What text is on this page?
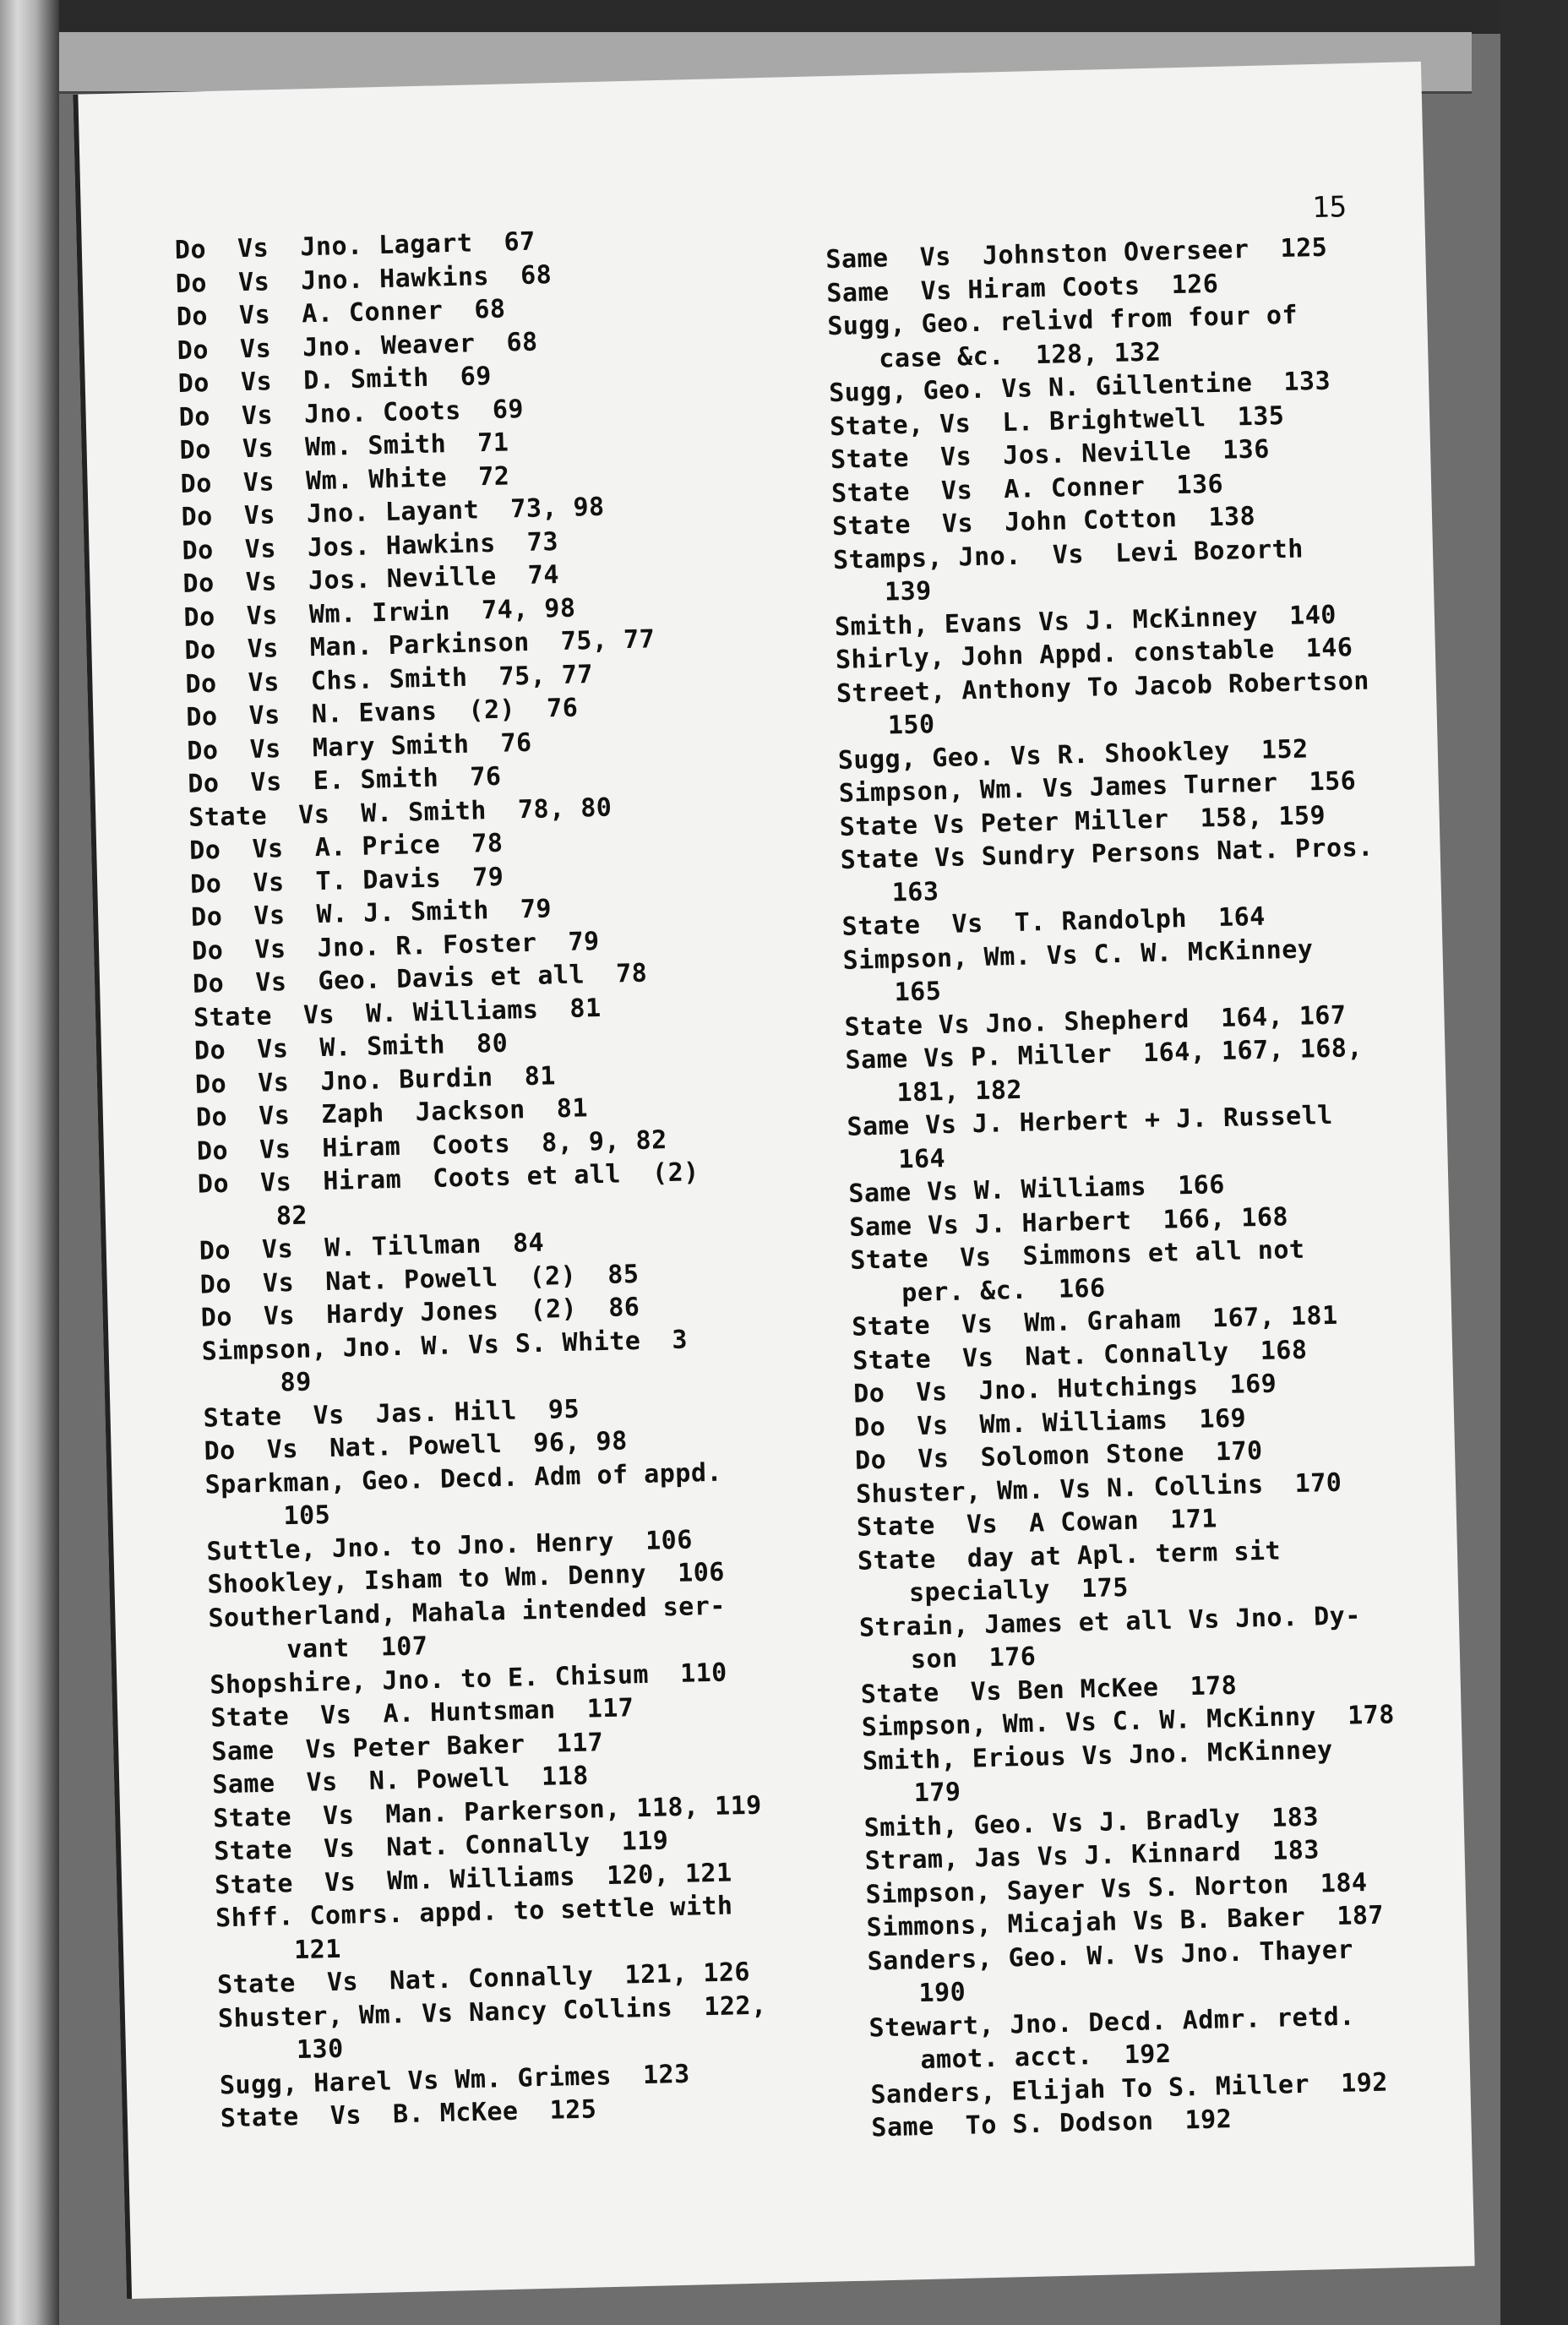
15
Do  Vs  Jno. Lagart  67
Do  Vs  Jno. Hawkins  68
Do  Vs  A. Conner  68
Do  Vs  Jno. Weaver  68
Do  Vs  D. Smith  69
Do  Vs  Jno. Coots  69
Do  Vs  Wm. Smith  71
Do  Vs  Wm. White  72
Do  Vs  Jno. Layant  73, 98
Do  Vs  Jos. Hawkins  73
Do  Vs  Jos. Neville  74
Do  Vs  Wm. Irwin  74, 98
Do  Vs  Man. Parkinson  75, 77
Do  Vs  Chs. Smith  75, 77
Do  Vs  N. Evans  (2)  76
Do  Vs  Mary Smith  76
Do  Vs  E. Smith  76
State  Vs  W. Smith  78, 80
Do  Vs  A. Price  78
Do  Vs  T. Davis  79
Do  Vs  W. J. Smith  79
Do  Vs  Jno. R. Foster  79
Do  Vs  Geo. Davis et all  78
State  Vs  W. Williams  81
Do  Vs  W. Smith  80
Do  Vs  Jno. Burdin  81
Do  Vs  Zaph  Jackson  81
Do  Vs  Hiram  Coots  8, 9, 82
Do  Vs  Hiram  Coots et all  (2)
82
Do  Vs  W. Tillman  84
Do  Vs  Nat. Powell  (2)  85
Do  Vs  Hardy Jones  (2)  86
Simpson, Jno. W. Vs S. White  3
89
State  Vs  Jas. Hill  95
Do  Vs  Nat. Powell  96, 98
Sparkman, Geo. Decd. Adm of appd.
105
Suttle, Jno. to Jno. Henry  106
Shookley, Isham to Wm. Denny  106
Southerland, Mahala intended ser-
vant  107
Shopshire, Jno. to E. Chisum  110
State  Vs  A. Huntsman  117
Same  Vs Peter Baker  117
Same  Vs  N. Powell  118
State  Vs  Man. Parkerson, 118, 119
State  Vs  Nat. Connally  119
State  Vs  Wm. Williams  120, 121
Shff. Comrs. appd. to settle with
121
State  Vs  Nat. Connally  121, 126
Shuster, Wm. Vs Nancy Collins  122,
130
Sugg, Harel Vs Wm. Grimes  123
State  Vs  B. McKee  125
Same  Vs  Johnston Overseer  125
Same  Vs Hiram Coots  126
Sugg, Geo. relivd from four of
case &c.  128, 132
Sugg, Geo. Vs N. Gillentine  133
State, Vs  L. Brightwell  135
State  Vs  Jos. Neville  136
State  Vs  A. Conner  136
State  Vs  John Cotton  138
Stamps, Jno.  Vs  Levi Bozorth
139
Smith, Evans Vs J. McKinney  140
Shirly, John Appd. constable  146
Street, Anthony To Jacob Robertson
150
Sugg, Geo. Vs R. Shookley  152
Simpson, Wm. Vs James Turner  156
State Vs Peter Miller  158, 159
State Vs Sundry Persons Nat. Pros.
163
State  Vs  T. Randolph  164
Simpson, Wm. Vs C. W. McKinney
165
State Vs Jno. Shepherd  164, 167
Same Vs P. Miller  164, 167, 168,
181, 182
Same Vs J. Herbert + J. Russell
164
Same Vs W. Williams  166
Same Vs J. Harbert  166, 168
State  Vs  Simmons et all not
per. &c.  166
State  Vs  Wm. Graham  167, 181
State  Vs  Nat. Connally  168
Do  Vs  Jno. Hutchings  169
Do  Vs  Wm. Williams  169
Do  Vs  Solomon Stone  170
Shuster, Wm. Vs N. Collins  170
State  Vs  A Cowan  171
State  day at Apl. term sit
specially  175
Strain, James et all Vs Jno. Dy-
son  176
State  Vs Ben McKee  178
Simpson, Wm. Vs C. W. McKinny  178
Smith, Erious Vs Jno. McKinney
179
Smith, Geo. Vs J. Bradly  183
Stram, Jas Vs J. Kinnard  183
Simpson, Sayer Vs S. Norton  184
Simmons, Micajah Vs B. Baker  187
Sanders, Geo. W. Vs Jno. Thayer
190
Stewart, Jno. Decd. Admr. retd.
amot. acct.  192
Sanders, Elijah To S. Miller  192
Same  To S. Dodson  192
